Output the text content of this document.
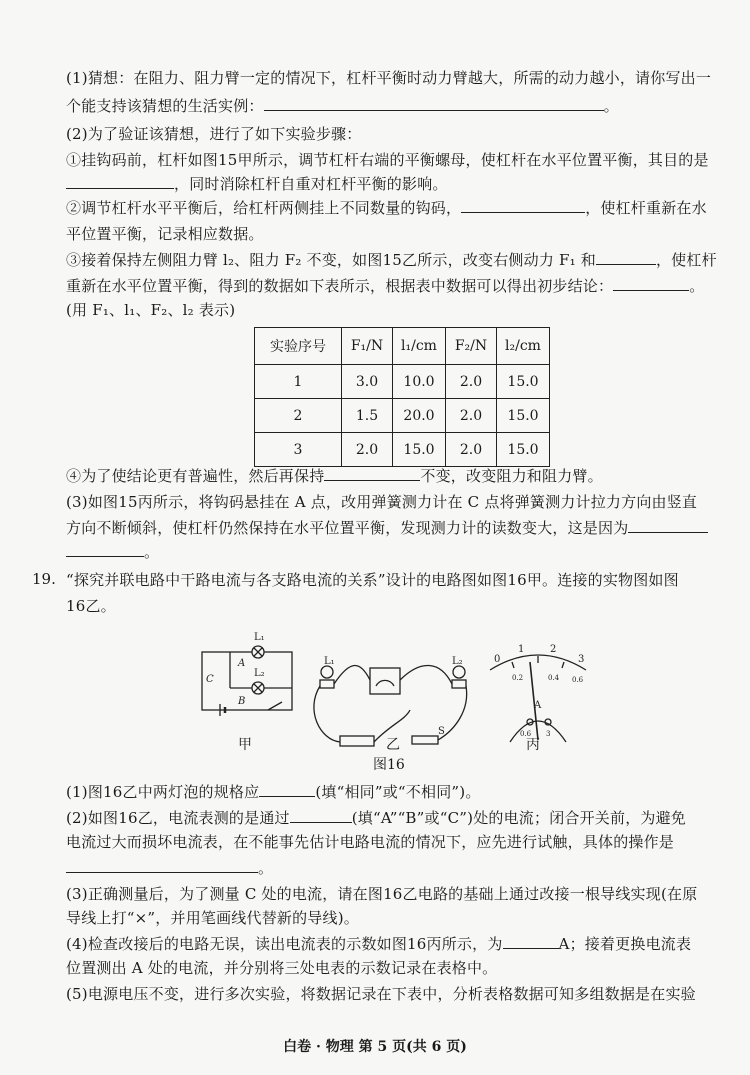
(1)猜想：在阻力、阻力臂一定的情况下，杠杆平衡时动力臂越大，所需的动力越小，请你写出一
个能支持该猜想的生活实例：	。
(2)为了验证该猜想，进行了如下实验步骤：
①挂钩码前，杠杆如图15甲所示，调节杠杆右端的平衡螺母，使杠杆在水平位置平衡，其目的是
，同时消除杠杆自重对杠杆平衡的影响。
②调节杠杆水平平衡后，给杠杆两侧挂上不同数量的钩码，	，使杠杆重新在水
平位置平衡，记录相应数据。
③接着保持左侧阻力臂 l₂、阻力 F₂ 不变，如图15乙所示，改变右侧动力 F₁ 和	，使杠杆
重新在水平位置平衡，得到的数据如下表所示，根据表中数据可以得出初步结论：	。
(用 F₁、l₁、F₂、l₂ 表示)
实验序号	F₁/N	l₁/cm	F₂/N	l₂/cm
1	3.0	10.0	2.0	15.0
2	1.5	20.0	2.0	15.0
3	2.0	15.0	2.0	15.0
④为了使结论更有普遍性，然后再保持	不变，改变阻力和阻力臂。
(3)如图15丙所示，将钩码悬挂在 A 点，改用弹簧测力计在 C 点将弹簧测力计拉力方向由竖直
方向不断倾斜，使杠杆仍然保持在水平位置平衡，发现测力计的读数变大，这是因为
。
19. “探究并联电路中干路电流与各支路电流的关系”设计的电路图如图16甲。连接的实物图如图
16乙。
L₁
A
L₂
B
C
L₁	L₂
S
0
1	2
3
0.2	0.4 0.6
A
0.6 3
甲	乙	丙
图16
(1)图16乙中两灯泡的规格应	(填“相同”或“不相同”)。
(2)如图16乙，电流表测的是通过	(填“A”“B”或“C”)处的电流；闭合开关前，为避免
电流过大而损坏电流表，在不能事先估计电路电流的情况下，应先进行试触，具体的操作是
。
(3)正确测量后，为了测量 C 处的电流，请在图16乙电路的基础上通过改接一根导线实现(在原
导线上打“×”，并用笔画线代替新的导线)。
(4)检查改接后的电路无误，读出电流表的示数如图16丙所示，为	A；接着更换电流表
位置测出 A 处的电流，并分别将三处电表的示数记录在表格中。
(5)电源电压不变，进行多次实验，将数据记录在下表中，分析表格数据可知多组数据是在实验
白卷 · 物理 第 5 页(共 6 页)
